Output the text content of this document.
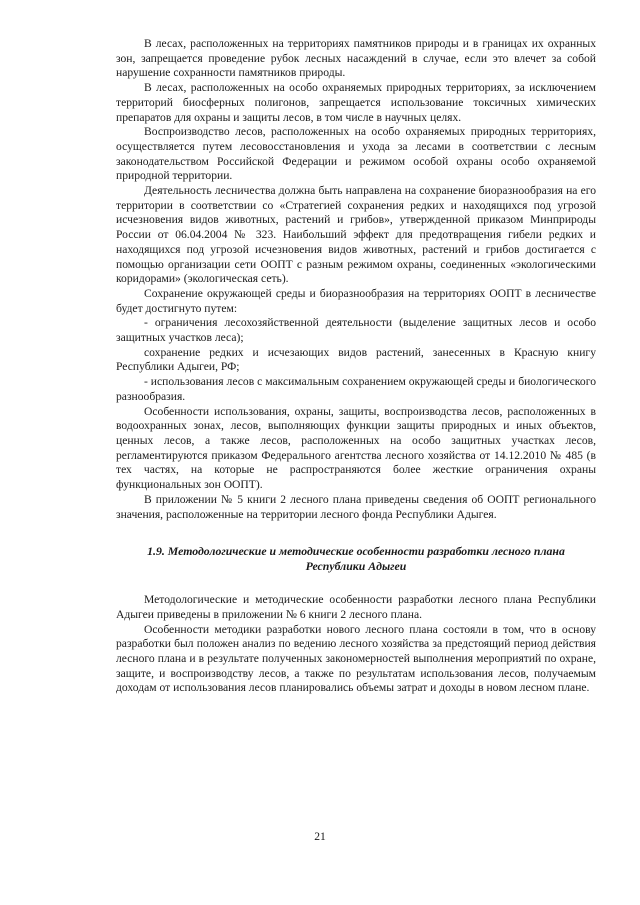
В лесах, расположенных на территориях памятников природы и в границах их охранных зон, запрещается проведение рубок лесных насаждений в случае, если это влечет за собой нарушение сохранности памятников природы.

В лесах, расположенных на особо охраняемых природных территориях, за исключением территорий биосферных полигонов, запрещается использование токсичных химических препаратов для охраны и защиты лесов, в том числе в научных целях.

Воспроизводство лесов, расположенных на особо охраняемых природных территориях, осуществляется путем лесовосстановления и ухода за лесами в соответствии с лесным законодательством Российской Федерации и режимом особой охраны особо охраняемой природной территории.

Деятельность лесничества должна быть направлена на сохранение биоразнообразия на его территории в соответствии со «Стратегией сохранения редких и находящихся под угрозой исчезновения видов животных, растений и грибов», утвержденной приказом Минприроды России от 06.04.2004 № 323. Наибольший эффект для предотвращения гибели редких и находящихся под угрозой исчезновения видов животных, растений и грибов достигается с помощью организации сети ООПТ с разным режимом охраны, соединенных «экологическими коридорами» (экологическая сеть).

Сохранение окружающей среды и биоразнообразия на территориях ООПТ в лесничестве будет достигнуто путем:

- ограничения лесохозяйственной деятельности (выделение защитных лесов и особо защитных участков леса);

сохранение редких и исчезающих видов растений, занесенных в Красную книгу Республики Адыгеи, РФ;

- использования лесов с максимальным сохранением окружающей среды и биологического разнообразия.

Особенности использования, охраны, защиты, воспроизводства лесов, расположенных в водоохранных зонах, лесов, выполняющих функции защиты природных и иных объектов, ценных лесов, а также лесов, расположенных на особо защитных участках лесов, регламентируются приказом Федерального агентства лесного хозяйства от 14.12.2010 № 485 (в тех частях, на которые не распространяются более жесткие ограничения охраны функциональных зон ООПТ).

В приложении № 5 книги 2 лесного плана приведены сведения об ООПТ регионального значения, расположенные на территории лесного фонда Республики Адыгея.

1.9. Методологические и методические особенности разработки лесного плана Республики Адыгеи

Методологические и методические особенности разработки лесного плана Республики Адыгеи приведены в приложении № 6 книги 2 лесного плана.

Особенности методики разработки нового лесного плана состояли в том, что в основу разработки был положен анализ по ведению лесного хозяйства за предстоящий период действия лесного плана и в результате полученных закономерностей выполнения мероприятий по охране, защите, и воспроизводству лесов, а также по результатам использования лесов, получаемым доходам от использования лесов планировались объемы затрат и доходы в новом лесном плане.

21
